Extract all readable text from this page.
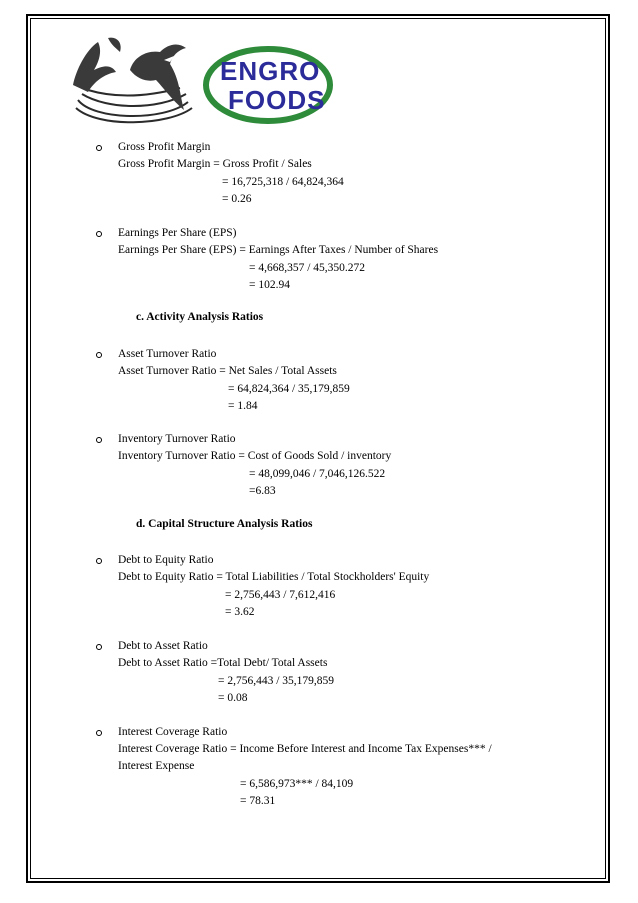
ENGRO
FOODS
Gross Profit Margin
Gross Profit Margin = Gross Profit / Sales
= 16,725,318 / 64,824,364
= 0.26
Earnings Per Share (EPS)
Earnings Per Share (EPS) = Earnings After Taxes / Number of Shares
= 4,668,357 / 45,350.272
= 102.94
c. Activity Analysis Ratios
Asset Turnover Ratio
Asset Turnover Ratio = Net Sales / Total Assets
= 64,824,364 / 35,179,859
= 1.84
Inventory Turnover Ratio
Inventory Turnover Ratio = Cost of Goods Sold / inventory
= 48,099,046 / 7,046,126.522
=6.83
d. Capital Structure Analysis Ratios
Debt to Equity Ratio
Debt to Equity Ratio = Total Liabilities / Total Stockholders' Equity
= 2,756,443 / 7,612,416
= 3.62
Debt to Asset Ratio
Debt to Asset Ratio =Total Debt/ Total Assets
= 2,756,443 / 35,179,859
= 0.08
Interest Coverage Ratio
Interest Coverage Ratio = Income Before Interest and Income Tax Expenses*** /
Interest Expense
= 6,586,973*** / 84,109
= 78.31
